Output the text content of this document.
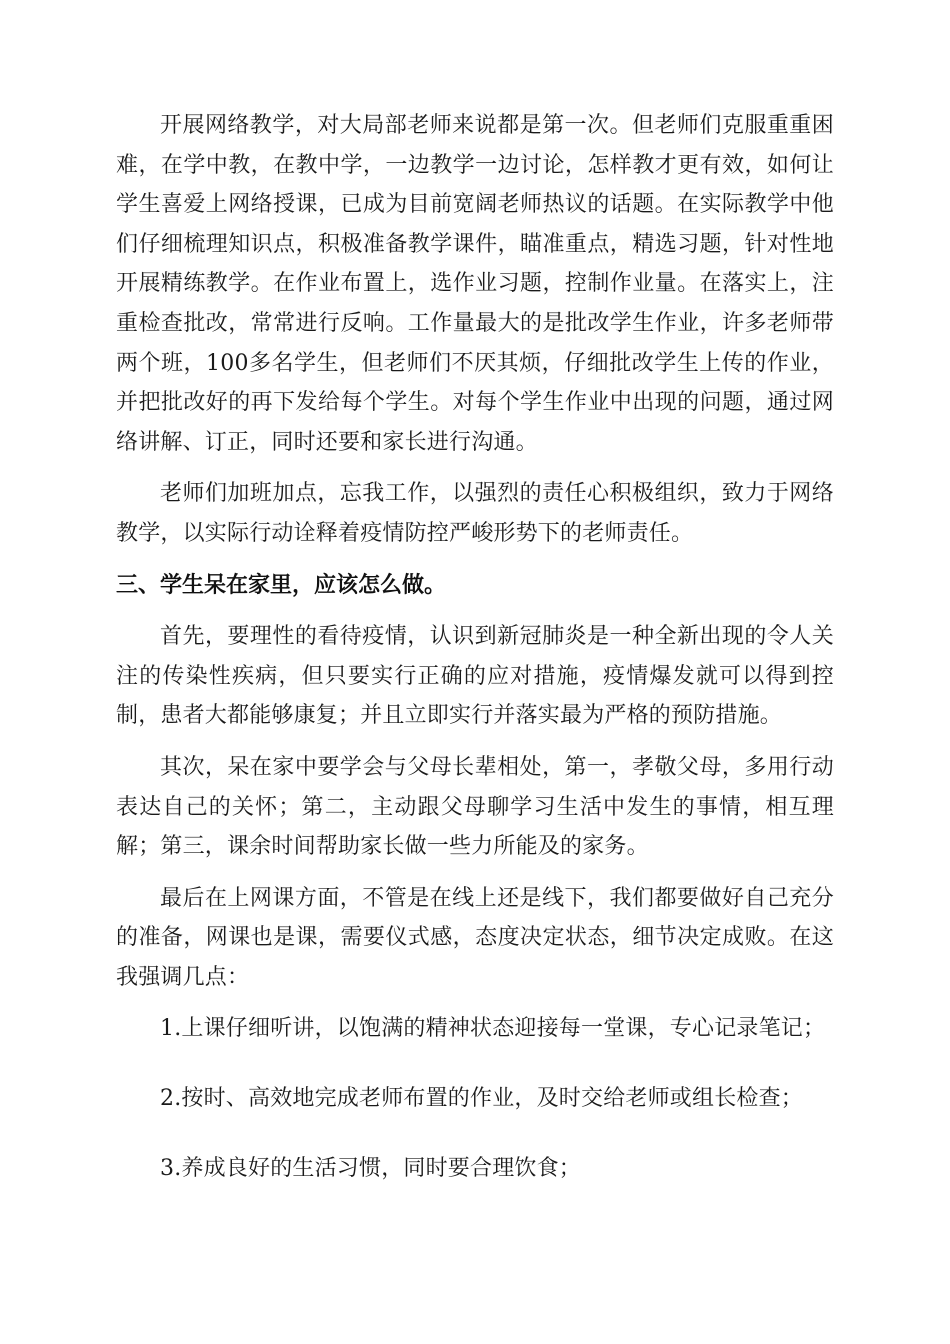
开展网络教学，对大局部老师来说都是第一次。但老师们克服重重困难，在学中教，在教中学，一边教学一边讨论，怎样教才更有效，如何让学生喜爱上网络授课，已成为目前宽阔老师热议的话题。在实际教学中他们仔细梳理知识点，积极准备教学课件，瞄准重点，精选习题，针对性地开展精练教学。在作业布置上，选作业习题，控制作业量。在落实上，注重检查批改，常常进行反响。工作量最大的是批改学生作业，许多老师带两个班，100多名学生，但老师们不厌其烦，仔细批改学生上传的作业，并把批改好的再下发给每个学生。对每个学生作业中出现的问题，通过网络讲解、订正，同时还要和家长进行沟通。

老师们加班加点，忘我工作，以强烈的责任心积极组织，致力于网络教学，以实际行动诠释着疫情防控严峻形势下的老师责任。

三、学生呆在家里，应该怎么做。

首先，要理性的看待疫情，认识到新冠肺炎是一种全新出现的令人关注的传染性疾病，但只要实行正确的应对措施，疫情爆发就可以得到控制，患者大都能够康复；并且立即实行并落实最为严格的预防措施。

其次，呆在家中要学会与父母长辈相处，第一，孝敬父母，多用行动表达自己的关怀；第二，主动跟父母聊学习生活中发生的事情，相互理解；第三，课余时间帮助家长做一些力所能及的家务。

最后在上网课方面，不管是在线上还是线下，我们都要做好自己充分的准备，网课也是课，需要仪式感，态度决定状态，细节决定成败。在这我强调几点：

1.上课仔细听讲，以饱满的精神状态迎接每一堂课，专心记录笔记；

2.按时、高效地完成老师布置的作业，及时交给老师或组长检查；

3.养成良好的生活习惯，同时要合理饮食；
